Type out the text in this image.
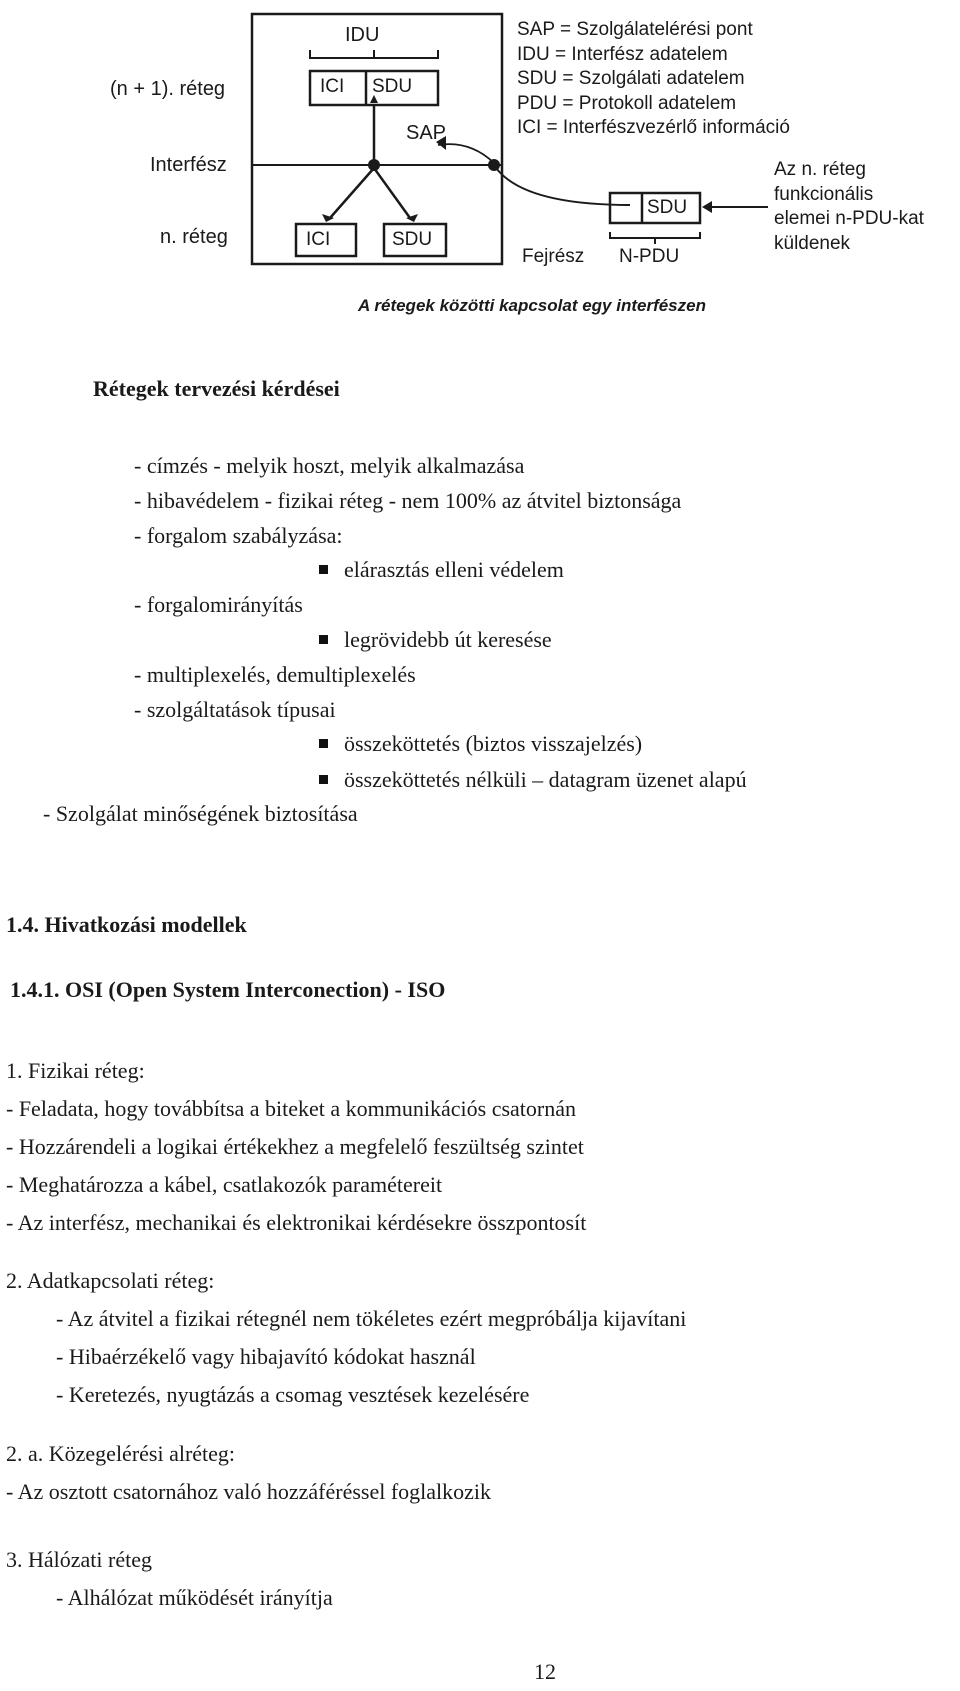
IDU
(n + 1). réteg
Interfész
n. réteg
ICI SDU
SAP
ICI	SDU
SDU
Fejrész N-PDU
SAP = Szolgálatelérési pont
IDU = Interfész adatelem
SDU = Szolgálati adatelem
PDU = Protokoll adatelem
ICI = Interfészvezérlő információ
Az n. réteg
funkcionális
elemei n-PDU-kat
küldenek
A rétegek közötti kapcsolat egy interfészen
Rétegek tervezési kérdései
- címzés - melyik hoszt, melyik alkalmazása
- hibavédelem - fizikai réteg - nem 100% az átvitel biztonsága
- forgalom szabályzása:
elárasztás elleni védelem
- forgalomirányítás
legrövidebb út keresése
- multiplexelés, demultiplexelés
- szolgáltatások típusai
összeköttetés (biztos visszajelzés)
összeköttetés nélküli – datagram üzenet alapú
- Szolgálat minőségének biztosítása
1.4. Hivatkozási modellek
1.4.1. OSI (Open System Interconection) - ISO
1. Fizikai réteg:
- Feladata, hogy továbbítsa a biteket a kommunikációs csatornán
- Hozzárendeli a logikai értékekhez a megfelelő feszültség szintet
- Meghatározza a kábel, csatlakozók paramétereit
- Az interfész, mechanikai és elektronikai kérdésekre összpontosít
2. Adatkapcsolati réteg:
- Az átvitel a fizikai rétegnél nem tökéletes ezért megpróbálja kijavítani
- Hibaérzékelő vagy hibajavító kódokat használ
- Keretezés, nyugtázás a csomag vesztések kezelésére
2. a. Közegelérési alréteg:
- Az osztott csatornához való hozzáféréssel foglalkozik
3. Hálózati réteg
- Alhálózat működését irányítja
12
